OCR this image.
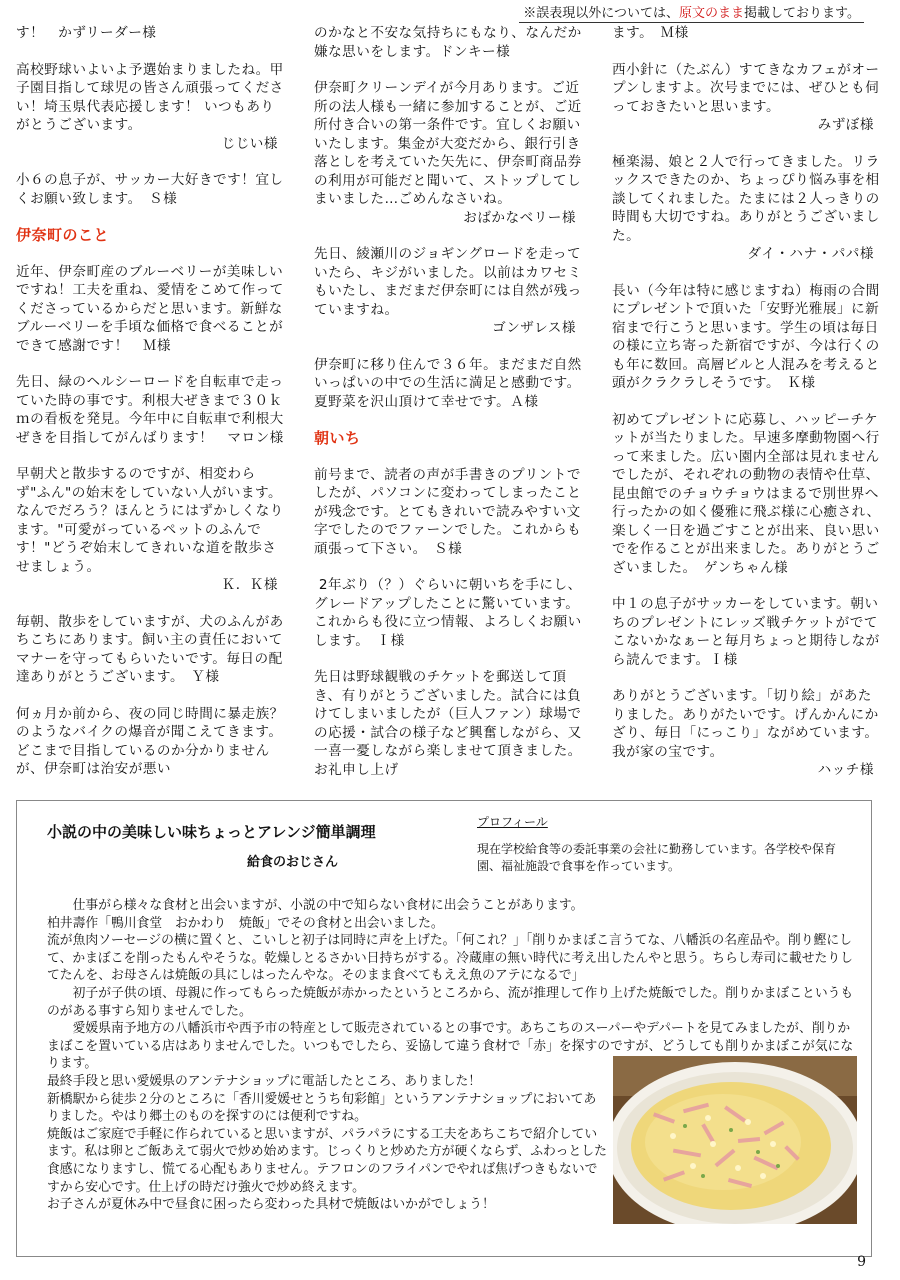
※誤表現以外については、原文のまま掲載しております。

す！　かずリーダー様

高校野球いよいよ予選始まりましたね。甲子園目指して球児の皆さん頑張ってください！埼玉県代表応援します！ いつもありがとうございます。

じじい様

小６の息子が、サッカー大好きです！宜しくお願い致します。　Ｓ様

伊奈町のこと

近年、伊奈町産のブルーベリーが美味しいですね！工夫を重ね、愛情をこめて作ってくださっているからだと思います。新鮮なブルーベリーを手頃な価格で食べることができて感謝です！　Ｍ様

先日、緑のヘルシーロードを自転車で走っていた時の事です。利根大ぜきまで３０ｋｍの看板を発見。今年中に自転車で利根大ぜきを目指してがんばります！　マロン様

早朝犬と散歩するのですが、相変わらず"ふん"の始末をしていない人がいます。なんでだろう？ほんとうにはずかしくなります。"可愛がっているペットのふんです！"どうぞ始末してきれいな道を散歩させましょう。

Ｋ．Ｋ様

毎朝、散歩をしていますが、犬のふんがあちこちにあります。飼い主の責任においてマナーを守ってもらいたいです。毎日の配達ありがとうございます。　Ｙ様

何ヵ月か前から、夜の同じ時間に暴走族？のようなバイクの爆音が聞こえてきます。どこまで目指しているのか分かりませんが、伊奈町は治安が悪い

のかなと不安な気持ちにもなり、なんだか嫌な思いをします。ドンキー様

伊奈町クリーンデイが今月あります。ご近所の法人様も一緒に参加することが、ご近所付き合いの第一条件です。宜しくお願いいたします。集金が大変だから、銀行引き落としを考えていた矢先に、伊奈町商品券の利用が可能だと聞いて、ストップしてしまいました…ごめんなさいね。

おばかなベリー様

先日、綾瀬川のジョギングロードを走っていたら、キジがいました。以前はカワセミもいたし、まだまだ伊奈町には自然が残っていますね。

ゴンザレス様

伊奈町に移り住んで３６年。まだまだ自然いっぱいの中での生活に満足と感動です。夏野菜を沢山頂けて幸せです。Ａ様

朝いち

前号まで、読者の声が手書きのプリントでしたが、パソコンに変わってしまったことが残念です。とてもきれいで読みやすい文字でしたのでファーンでした。これからも頑張って下さい。　Ｓ様

2年ぶり（？）ぐらいに朝いちを手にし、グレードアップしたことに驚いています。これからも役に立つ情報、よろしくお願いします。　Ｉ様

先日は野球観戦のチケットを郵送して頂き、有りがとうございました。試合には負けてしまいましたが（巨人ファン）球場での応援・試合の様子など興奮しながら、又一喜一憂しながら楽しませて頂きました。お礼申し上げ

ます。　Ｍ様

西小針に（たぶん）すてきなカフェがオープンしますよ。次号までには、ぜひとも伺っておきたいと思います。

みずぼ様

極楽湯、娘と２人で行ってきました。リラックスできたのか、ちょっぴり悩み事を相談してくれました。たまには２人っきりの時間も大切ですね。ありがとうございました。

ダイ・ハナ・パパ様

長い（今年は特に感じますね）梅雨の合間にプレゼントで頂いた「安野光雅展」に新宿まで行こうと思います。学生の頃は毎日の様に立ち寄った新宿ですが、今は行くのも年に数回。高層ビルと人混みを考えると頭がクラクラしそうです。　Ｋ様

初めてプレゼントに応募し、ハッピーチケットが当たりました。早速多摩動物園へ行って来ました。広い園内全部は見れませんでしたが、それぞれの動物の表情や仕草、昆虫館でのチョウチョウはまるで別世界へ行ったかの如く優雅に飛ぶ様に心癒され、楽しく一日を過ごすことが出来、良い思いでを作ることが出来ました。ありがとうございました。　ゲンちゃん様

中１の息子がサッカーをしています。朝いちのプレゼントにレッズ戦チケットがでてこないかなぁーと毎月ちょっと期待しながら読んでます。Ｉ様

ありがとうございます。「切り絵」があたりました。ありがたいです。げんかんにかざり、毎日「にっこり」ながめています。我が家の宝です。

ハッチ様

小説の中の美味しい味ちょっとアレンジ簡単調理
給食のおじさん
プロフィール
現在学校給食等の委託事業の会社に勤務しています。各学校や保育園、福祉施設で食事を作っています。

仕事がら様々な食材と出会いますが、小説の中で知らない食材に出会うことがあります。

柏井壽作「鴨川食堂　おかわり　焼飯」でその食材と出会いました。

流が魚肉ソーセージの横に置くと、こいしと初子は同時に声を上げた。「何これ？」「削りかまぼこ言うてな、八幡浜の名産品や。削り鰹にして、かまぼこを削ったもんやそうな。乾燥しとるさかい日持ちがする。冷蔵庫の無い時代に考え出したんやと思う。ちらし寿司に載せたりしてたんを、お母さんは焼飯の具にしはったんやな。そのまま食べてもええ魚のアテになるで」

初子が子供の頃、母親に作ってもらった焼飯が赤かったというところから、流が推理して作り上げた焼飯でした。削りかまぼこというものがある事すら知りませんでした。

愛媛県南予地方の八幡浜市や西予市の特産として販売されているとの事です。あちこちのスーパーやデパートを見てみましたが、削りかまぼこを置いている店はありませんでした。いつもでしたら、妥協して違う食材で「赤」を探すのですが、どうしても削りかまぼこが気になります。

最終手段と思い愛媛県のアンテナショップに電話したところ、ありました！

新橋駅から徒歩２分のところに「香川愛媛せとうち旬彩館」というアンテナショップにおいてありました。やはり郷土のものを探すのには便利ですね。

焼飯はご家庭で手軽に作られていると思いますが、パラパラにする工夫をあちこちで紹介しています。私は卵とご飯あえて弱火で炒め始めます。じっくりと炒めた方が硬くならず、ふわっとした食感になりますし、慌てる心配もありません。テフロンのフライパンでやれば焦げつきもないですから安心です。仕上げの時だけ強火で炒め終えます。

お子さんが夏休み中で昼食に困ったら変わった具材で焼飯はいかがでしょう！

9
